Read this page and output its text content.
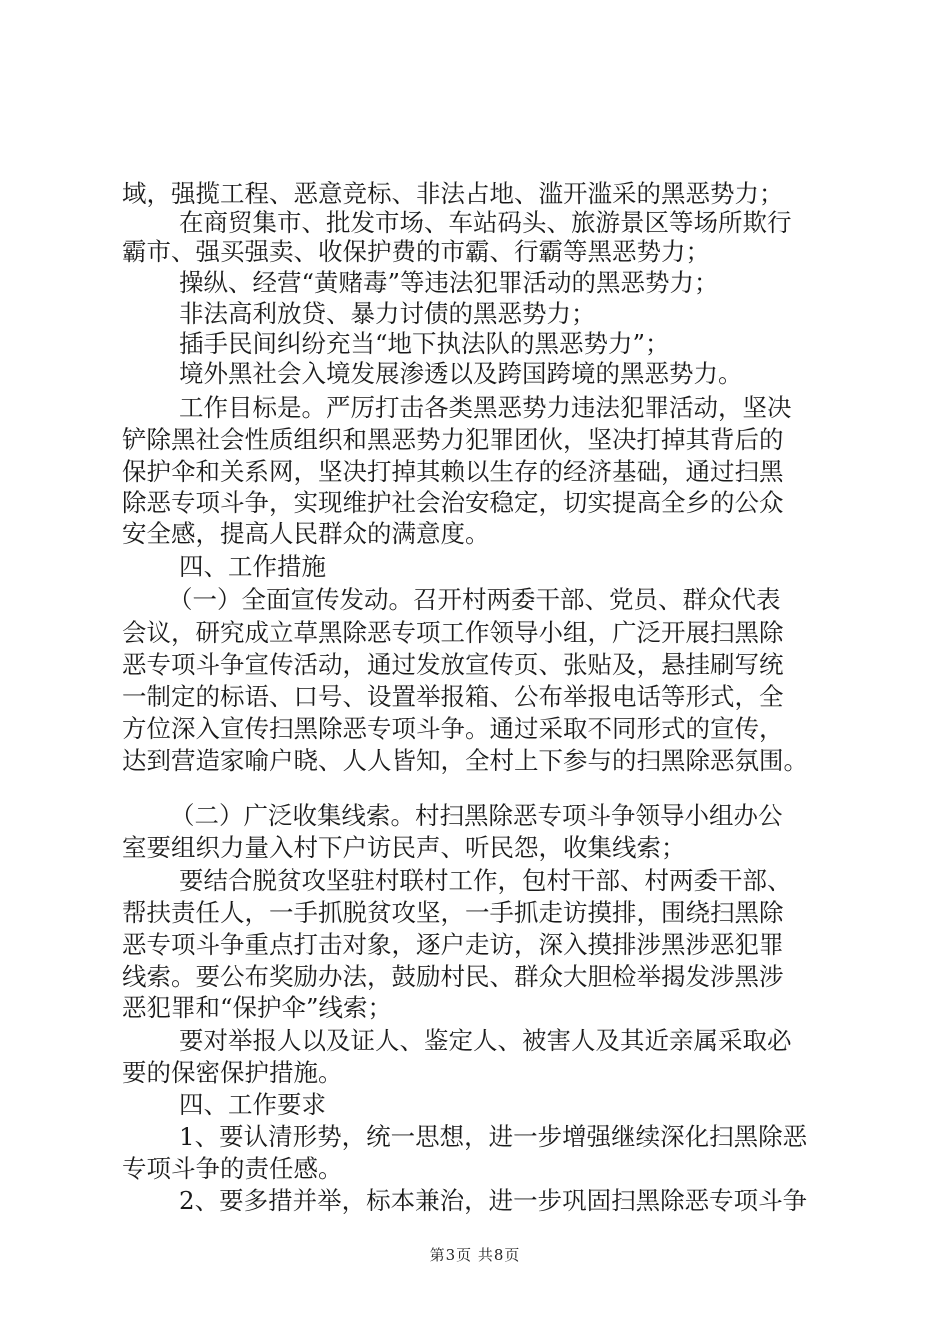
域，强揽工程、恶意竞标、非法占地、滥开滥采的黑恶势力；
在商贸集市、批发市场、车站码头、旅游景区等场所欺行
霸市、强买强卖、收保护费的市霸、行霸等黑恶势力；
操纵、经营“黄赌毒”等违法犯罪活动的黑恶势力；
非法高利放贷、暴力讨债的黑恶势力；
插手民间纠纷充当“地下执法队的黑恶势力”；
境外黑社会入境发展渗透以及跨国跨境的黑恶势力。
工作目标是。严厉打击各类黑恶势力违法犯罪活动，坚决
铲除黑社会性质组织和黑恶势力犯罪团伙，坚决打掉其背后的
保护伞和关系网，坚决打掉其赖以生存的经济基础，通过扫黑
除恶专项斗争，实现维护社会治安稳定，切实提高全乡的公众
安全感，提高人民群众的满意度。
四、工作措施
（一）全面宣传发动。召开村两委干部、党员、群众代表
会议，研究成立草黑除恶专项工作领导小组，广泛开展扫黑除
恶专项斗争宣传活动，通过发放宣传页、张贴及，悬挂刷写统
一制定的标语、口号、设置举报箱、公布举报电话等形式，全
方位深入宣传扫黑除恶专项斗争。通过采取不同形式的宣传，
达到营造家喻户晓、人人皆知，全村上下参与的扫黑除恶氛围。
（二）广泛收集线索。村扫黑除恶专项斗争领导小组办公
室要组织力量入村下户访民声、听民怨，收集线索；
要结合脱贫攻坚驻村联村工作，包村干部、村两委干部、
帮扶责任人，一手抓脱贫攻坚，一手抓走访摸排，围绕扫黑除
恶专项斗争重点打击对象，逐户走访，深入摸排涉黑涉恶犯罪
线索。要公布奖励办法，鼓励村民、群众大胆检举揭发涉黑涉
恶犯罪和“保护伞”线索；
要对举报人以及证人、鉴定人、被害人及其近亲属采取必
要的保密保护措施。
四、工作要求
1、要认清形势，统一思想，进一步增强继续深化扫黑除恶
专项斗争的责任感。
2、要多措并举，标本兼治，进一步巩固扫黑除恶专项斗争
第3页 共8页
